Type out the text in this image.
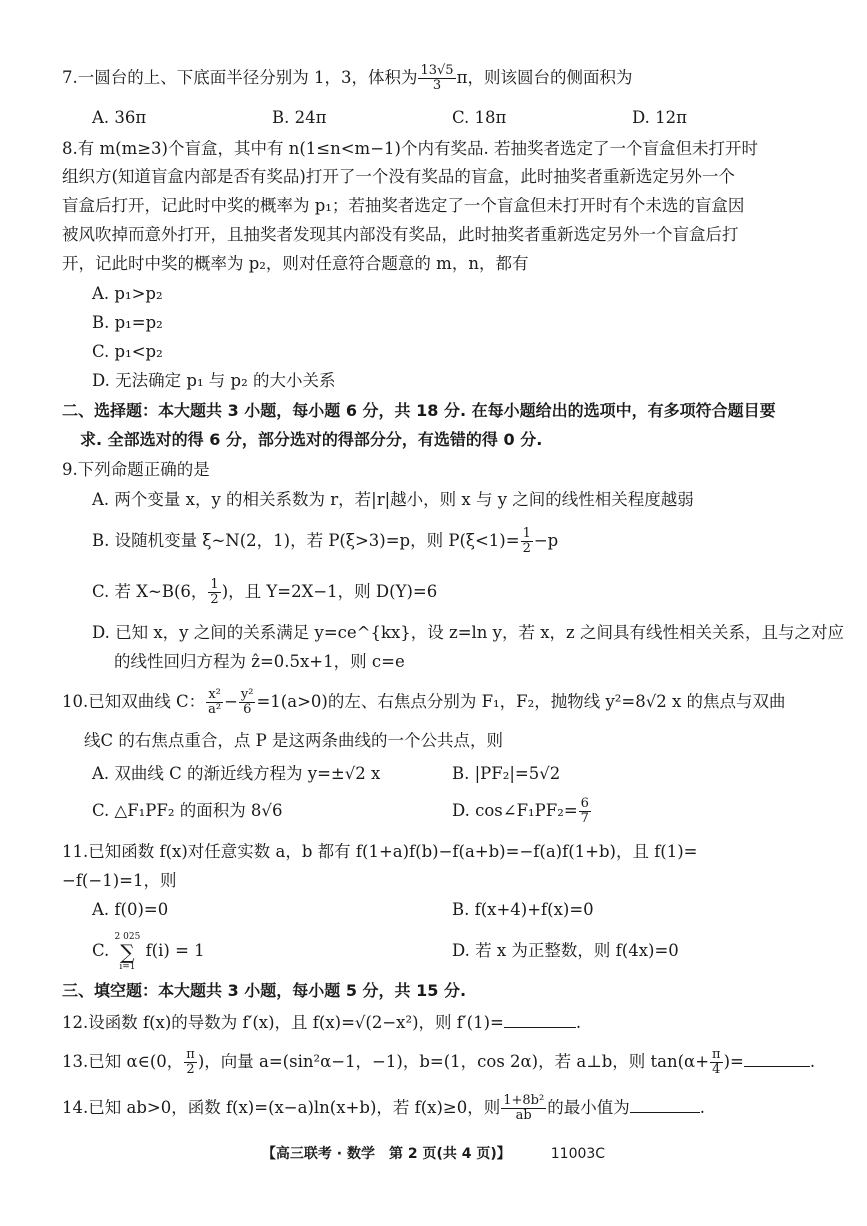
7.一圆台的上、下底面半径分别为 1，3，体积为 $\frac{13√5}{3}$ π，则该圆台的侧面积为
A. 36π	B. 24π	C. 18π	D. 12π
8.有 m(m≥3)个盲盒，其中有 n(1≤n<m−1)个内有奖品. 若抽奖者选定了一个盲盒但未打开时
组织方(知道盲盒内部是否有奖品)打开了一个没有奖品的盲盒，此时抽奖者重新选定另外一个
盲盒后打开，记此时中奖的概率为 p₁；若抽奖者选定了一个盲盒但未打开时有个未选的盲盒因
被风吹掉而意外打开，且抽奖者发现其内部没有奖品，此时抽奖者重新选定另外一个盲盒后打
开，记此时中奖的概率为 p₂，则对任意符合题意的 m，n，都有
A. p₁>p₂
B. p₁=p₂
C. p₁<p₂
D. 无法确定 p₁ 与 p₂ 的大小关系
二、选择题：本大题共 3 小题，每小题 6 分，共 18 分. 在每小题给出的选项中，有多项符合题目要
求. 全部选对的得 6 分，部分选对的得部分分，有选错的得 0 分.
9.下列命题正确的是
A. 两个变量 x，y 的相关系数为 r，若|r|越小，则 x 与 y 之间的线性相关程度越弱
B. 设随机变量 ξ~N(2，1)，若 P(ξ>3)=p，则 $P(\xi<1)= \frac{1}{2} -p$
C. 若 X~B(6， $\frac{1}{2}$ )，且 Y=2X−1，则 D(Y)=6
D. 已知 x，y 之间的关系满足 y=ce^{kx}，设 z=ln y，若 x，z 之间具有线性相关关系，且与之对应
的线性回归方程为 ẑ=0.5x+1，则 c=e
10.已知双曲线 C： $\frac{\text{x²}}{\text{a²}} - \frac{\text{y²}}{6} =1(a>0)$的左、右焦点分别为 F₁，F₂，抛物线 y²=8√2 x 的焦点与双曲
线C 的右焦点重合，点 P 是这两条曲线的一个公共点，则
A. 双曲线 C 的渐近线方程为 y=±√2 x	B. |PF₂|=5√2
C. △F₁PF₂ 的面积为 8√6	D. cos∠F₁PF₂= $\frac{6}{7}$
11.已知函数 f(x)对任意实数 a，b 都有 f(1+a)f(b)−f(a+b)=−f(a)f(1+b)，且 f(1)=
−f(−1)=1，则
A. f(0)=0	B. f(x+4)+f(x)=0
C. 2 025
∑
i=1 f(i) = 1	D. 若 x 为正整数，则 f(4x)=0
三、填空题：本大题共 3 小题，每小题 5 分，共 15 分.
12.设函数 f(x)的导数为 f′(x)，且 f(x)=√(2−x²)，则 f′(1)=	.
13.已知 α∈(0， $\frac{\pi}{2}$ )，向量 a=(sin²α−1，−1)，b=(1，cos 2α)，若 a⊥b，则 $\tan(\alpha+ \frac{\pi}{4}$ )=	.
14.已知 ab>0，函数 f(x)=(x−a)ln(x+b)，若 f(x)≥0，则 $\frac{\text{1+8b²}}{ab}$ 的最小值为	.
【高三联考 · 数学　第 2 页(共 4 页)】	11003C
